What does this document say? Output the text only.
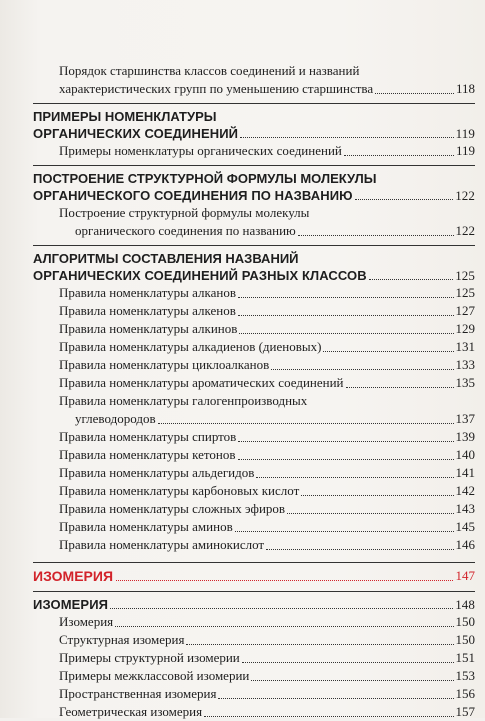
Порядок старшинства классов соединений и названий
характеристических групп по уменьшению старшинства	118
ПРИМЕРЫ НОМЕНКЛАТУРЫ
ОРГАНИЧЕСКИХ СОЕДИНЕНИЙ	119
Примеры номенклатуры органических соединений	119
ПОСТРОЕНИЕ СТРУКТУРНОЙ ФОРМУЛЫ МОЛЕКУЛЫ
ОРГАНИЧЕСКОГО СОЕДИНЕНИЯ ПО НАЗВАНИЮ	122
Построение структурной формулы молекулы
органического соединения по названию	122
АЛГОРИТМЫ СОСТАВЛЕНИЯ НАЗВАНИЙ
ОРГАНИЧЕСКИХ СОЕДИНЕНИЙ РАЗНЫХ КЛАССОВ	125
Правила номенклатуры алканов	125
Правила номенклатуры алкенов	127
Правила номенклатуры алкинов	129
Правила номенклатуры алкадиенов (диеновых)	131
Правила номенклатуры циклоалканов	133
Правила номенклатуры ароматических соединений	135
Правила номенклатуры галогенпроизводных
углеводородов	137
Правила номенклатуры спиртов	139
Правила номенклатуры кетонов	140
Правила номенклатуры альдегидов	141
Правила номенклатуры карбоновых кислот	142
Правила номенклатуры сложных эфиров	143
Правила номенклатуры аминов	145
Правила номенклатуры аминокислот	146
ИЗОМЕРИЯ	147
ИЗОМЕРИЯ	148
Изомерия	150
Структурная изомерия	150
Примеры структурной изомерии	151
Примеры межклассовой изомерии	153
Пространственная изомерия	156
Геометрическая изомерия	157
